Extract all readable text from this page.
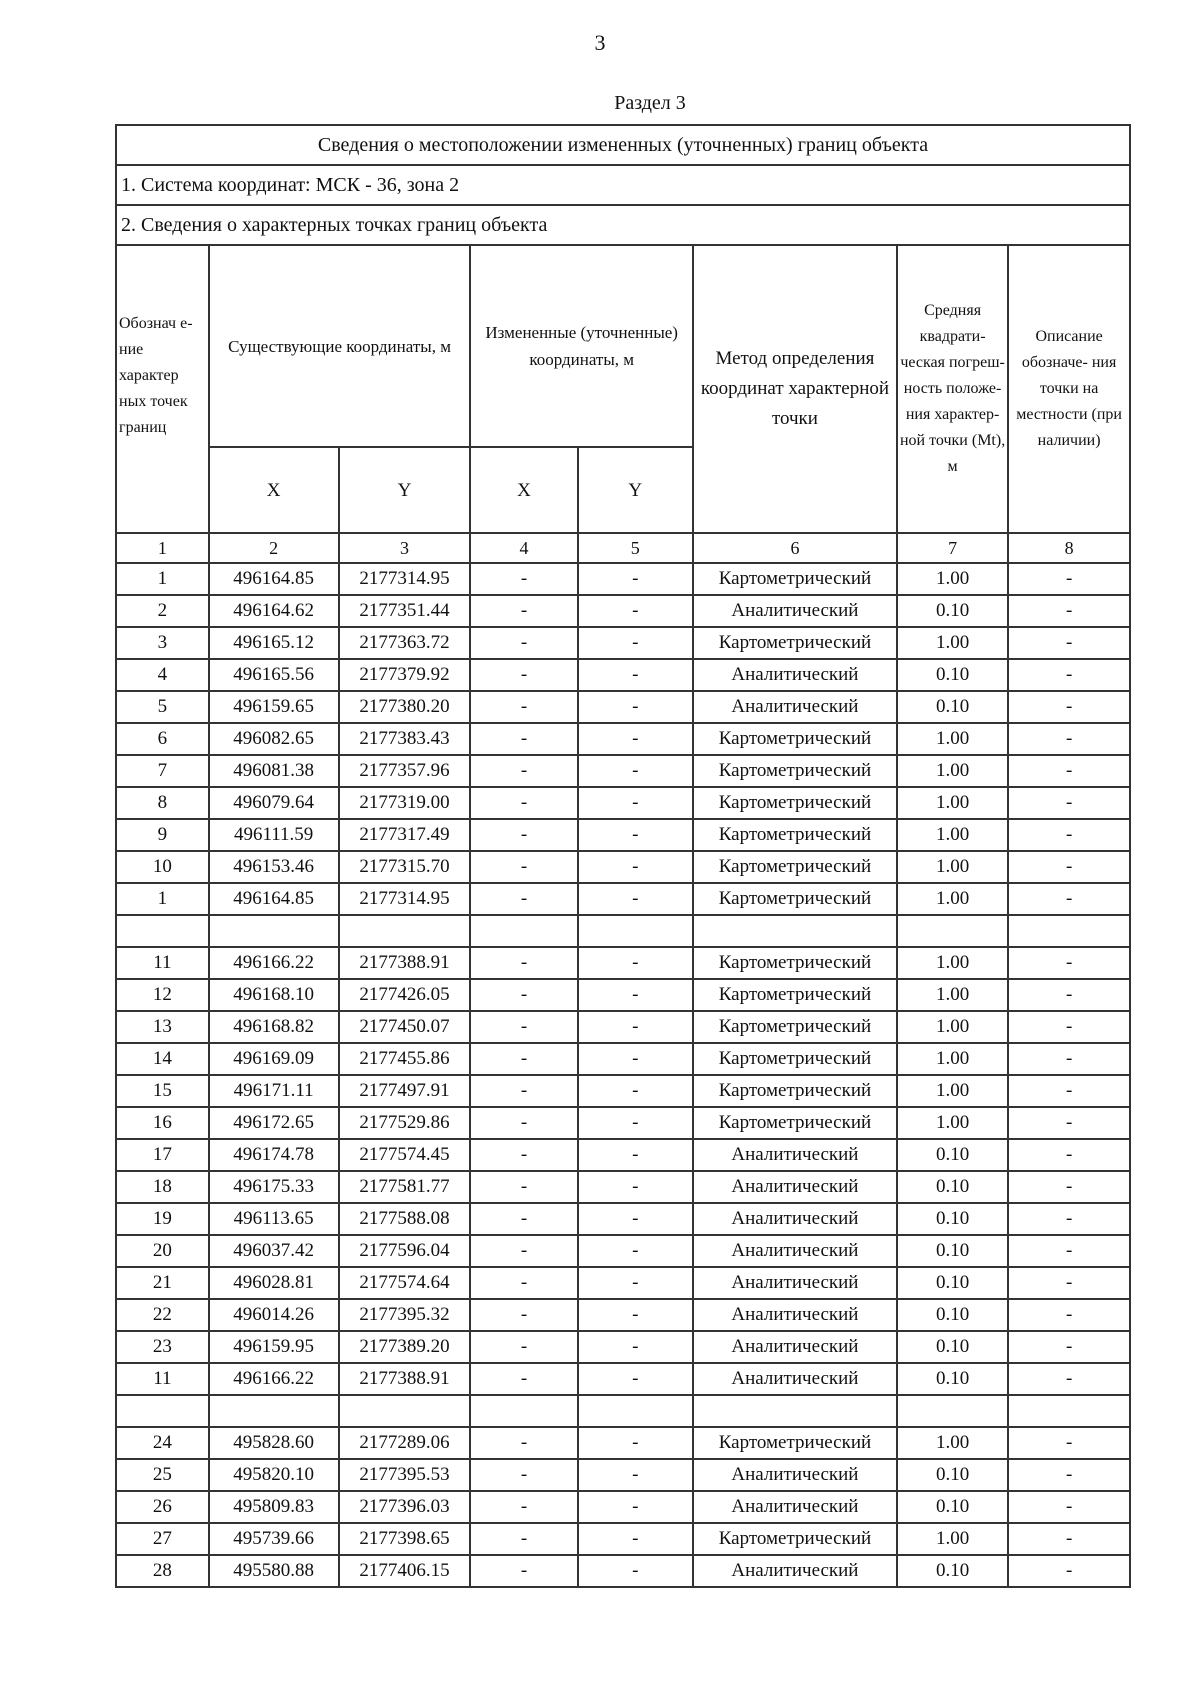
3
Раздел 3
Сведения о местоположении измененных (уточненных) границ объекта							
1. Система координат: МСК - 36, зона 2							
2. Сведения о характерных точках границ объекта							
Обознач е-ние характер ных точек границ	Существующие координаты, м		Измененные (уточненные) координаты, м		Метод определения координат характерной точки	Средняя квадрати- ческая погреш- ность положе- ния характер- ной точки (Mt), м	Описание обозначе- ния точки на местности (при наличии)
	X	Y	X	Y			
1	2	3	4	5	6	7	8
1	496164.85	2177314.95	-	-	Картометрический	1.00	-
2	496164.62	2177351.44	-	-	Аналитический	0.10	-
3	496165.12	2177363.72	-	-	Картометрический	1.00	-
4	496165.56	2177379.92	-	-	Аналитический	0.10	-
5	496159.65	2177380.20	-	-	Аналитический	0.10	-
6	496082.65	2177383.43	-	-	Картометрический	1.00	-
7	496081.38	2177357.96	-	-	Картометрический	1.00	-
8	496079.64	2177319.00	-	-	Картометрический	1.00	-
9	496111.59	2177317.49	-	-	Картометрический	1.00	-
10	496153.46	2177315.70	-	-	Картометрический	1.00	-
1	496164.85	2177314.95	-	-	Картометрический	1.00	-

11	496166.22	2177388.91	-	-	Картометрический	1.00	-
12	496168.10	2177426.05	-	-	Картометрический	1.00	-
13	496168.82	2177450.07	-	-	Картометрический	1.00	-
14	496169.09	2177455.86	-	-	Картометрический	1.00	-
15	496171.11	2177497.91	-	-	Картометрический	1.00	-
16	496172.65	2177529.86	-	-	Картометрический	1.00	-
17	496174.78	2177574.45	-	-	Аналитический	0.10	-
18	496175.33	2177581.77	-	-	Аналитический	0.10	-
19	496113.65	2177588.08	-	-	Аналитический	0.10	-
20	496037.42	2177596.04	-	-	Аналитический	0.10	-
21	496028.81	2177574.64	-	-	Аналитический	0.10	-
22	496014.26	2177395.32	-	-	Аналитический	0.10	-
23	496159.95	2177389.20	-	-	Аналитический	0.10	-
11	496166.22	2177388.91	-	-	Аналитический	0.10	-

24	495828.60	2177289.06	-	-	Картометрический	1.00	-
25	495820.10	2177395.53	-	-	Аналитический	0.10	-
26	495809.83	2177396.03	-	-	Аналитический	0.10	-
27	495739.66	2177398.65	-	-	Картометрический	1.00	-
28	495580.88	2177406.15	-	-	Аналитический	0.10	-
